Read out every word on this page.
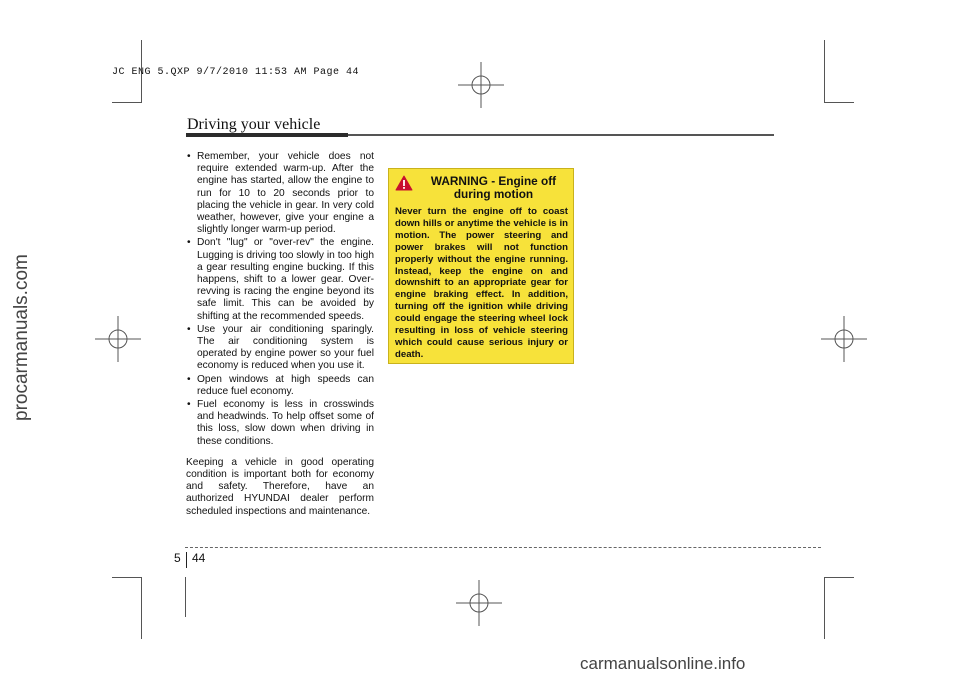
JC ENG 5.QXP 9/7/2010 11:53 AM Page 44
Driving your vehicle
• Remember, your vehicle does not require extended warm-up. After the engine has started, allow the engine to run for 10 to 20 seconds prior to placing the vehicle in gear. In very cold weather, however, give your engine a slightly longer warm-up period.
• Don't "lug" or "over-rev" the engine. Lugging is driving too slowly in too high a gear resulting engine bucking. If this happens, shift to a lower gear. Over-revving is racing the engine beyond its safe limit. This can be avoided by shifting at the recommended speeds.
• Use your air conditioning sparingly. The air conditioning system is operated by engine power so your fuel economy is reduced when you use it.
• Open windows at high speeds can reduce fuel economy.
• Fuel economy is less in crosswinds and headwinds. To help offset some of this loss, slow down when driving in these conditions.
Keeping a vehicle in good operating condition is important both for economy and safety. Therefore, have an authorized HYUNDAI dealer perform scheduled inspections and maintenance.
WARNING - Engine off during motion
Never turn the engine off to coast down hills or anytime the vehicle is in motion. The power steering and power brakes will not function properly without the engine running. Instead, keep the engine on and downshift to an appropriate gear for engine braking effect. In addition, turning off the ignition while driving could engage the steering wheel lock resulting in loss of vehicle steering which could cause serious injury or death.
5 44
procarmanuals.com
carmanualsonline.info
